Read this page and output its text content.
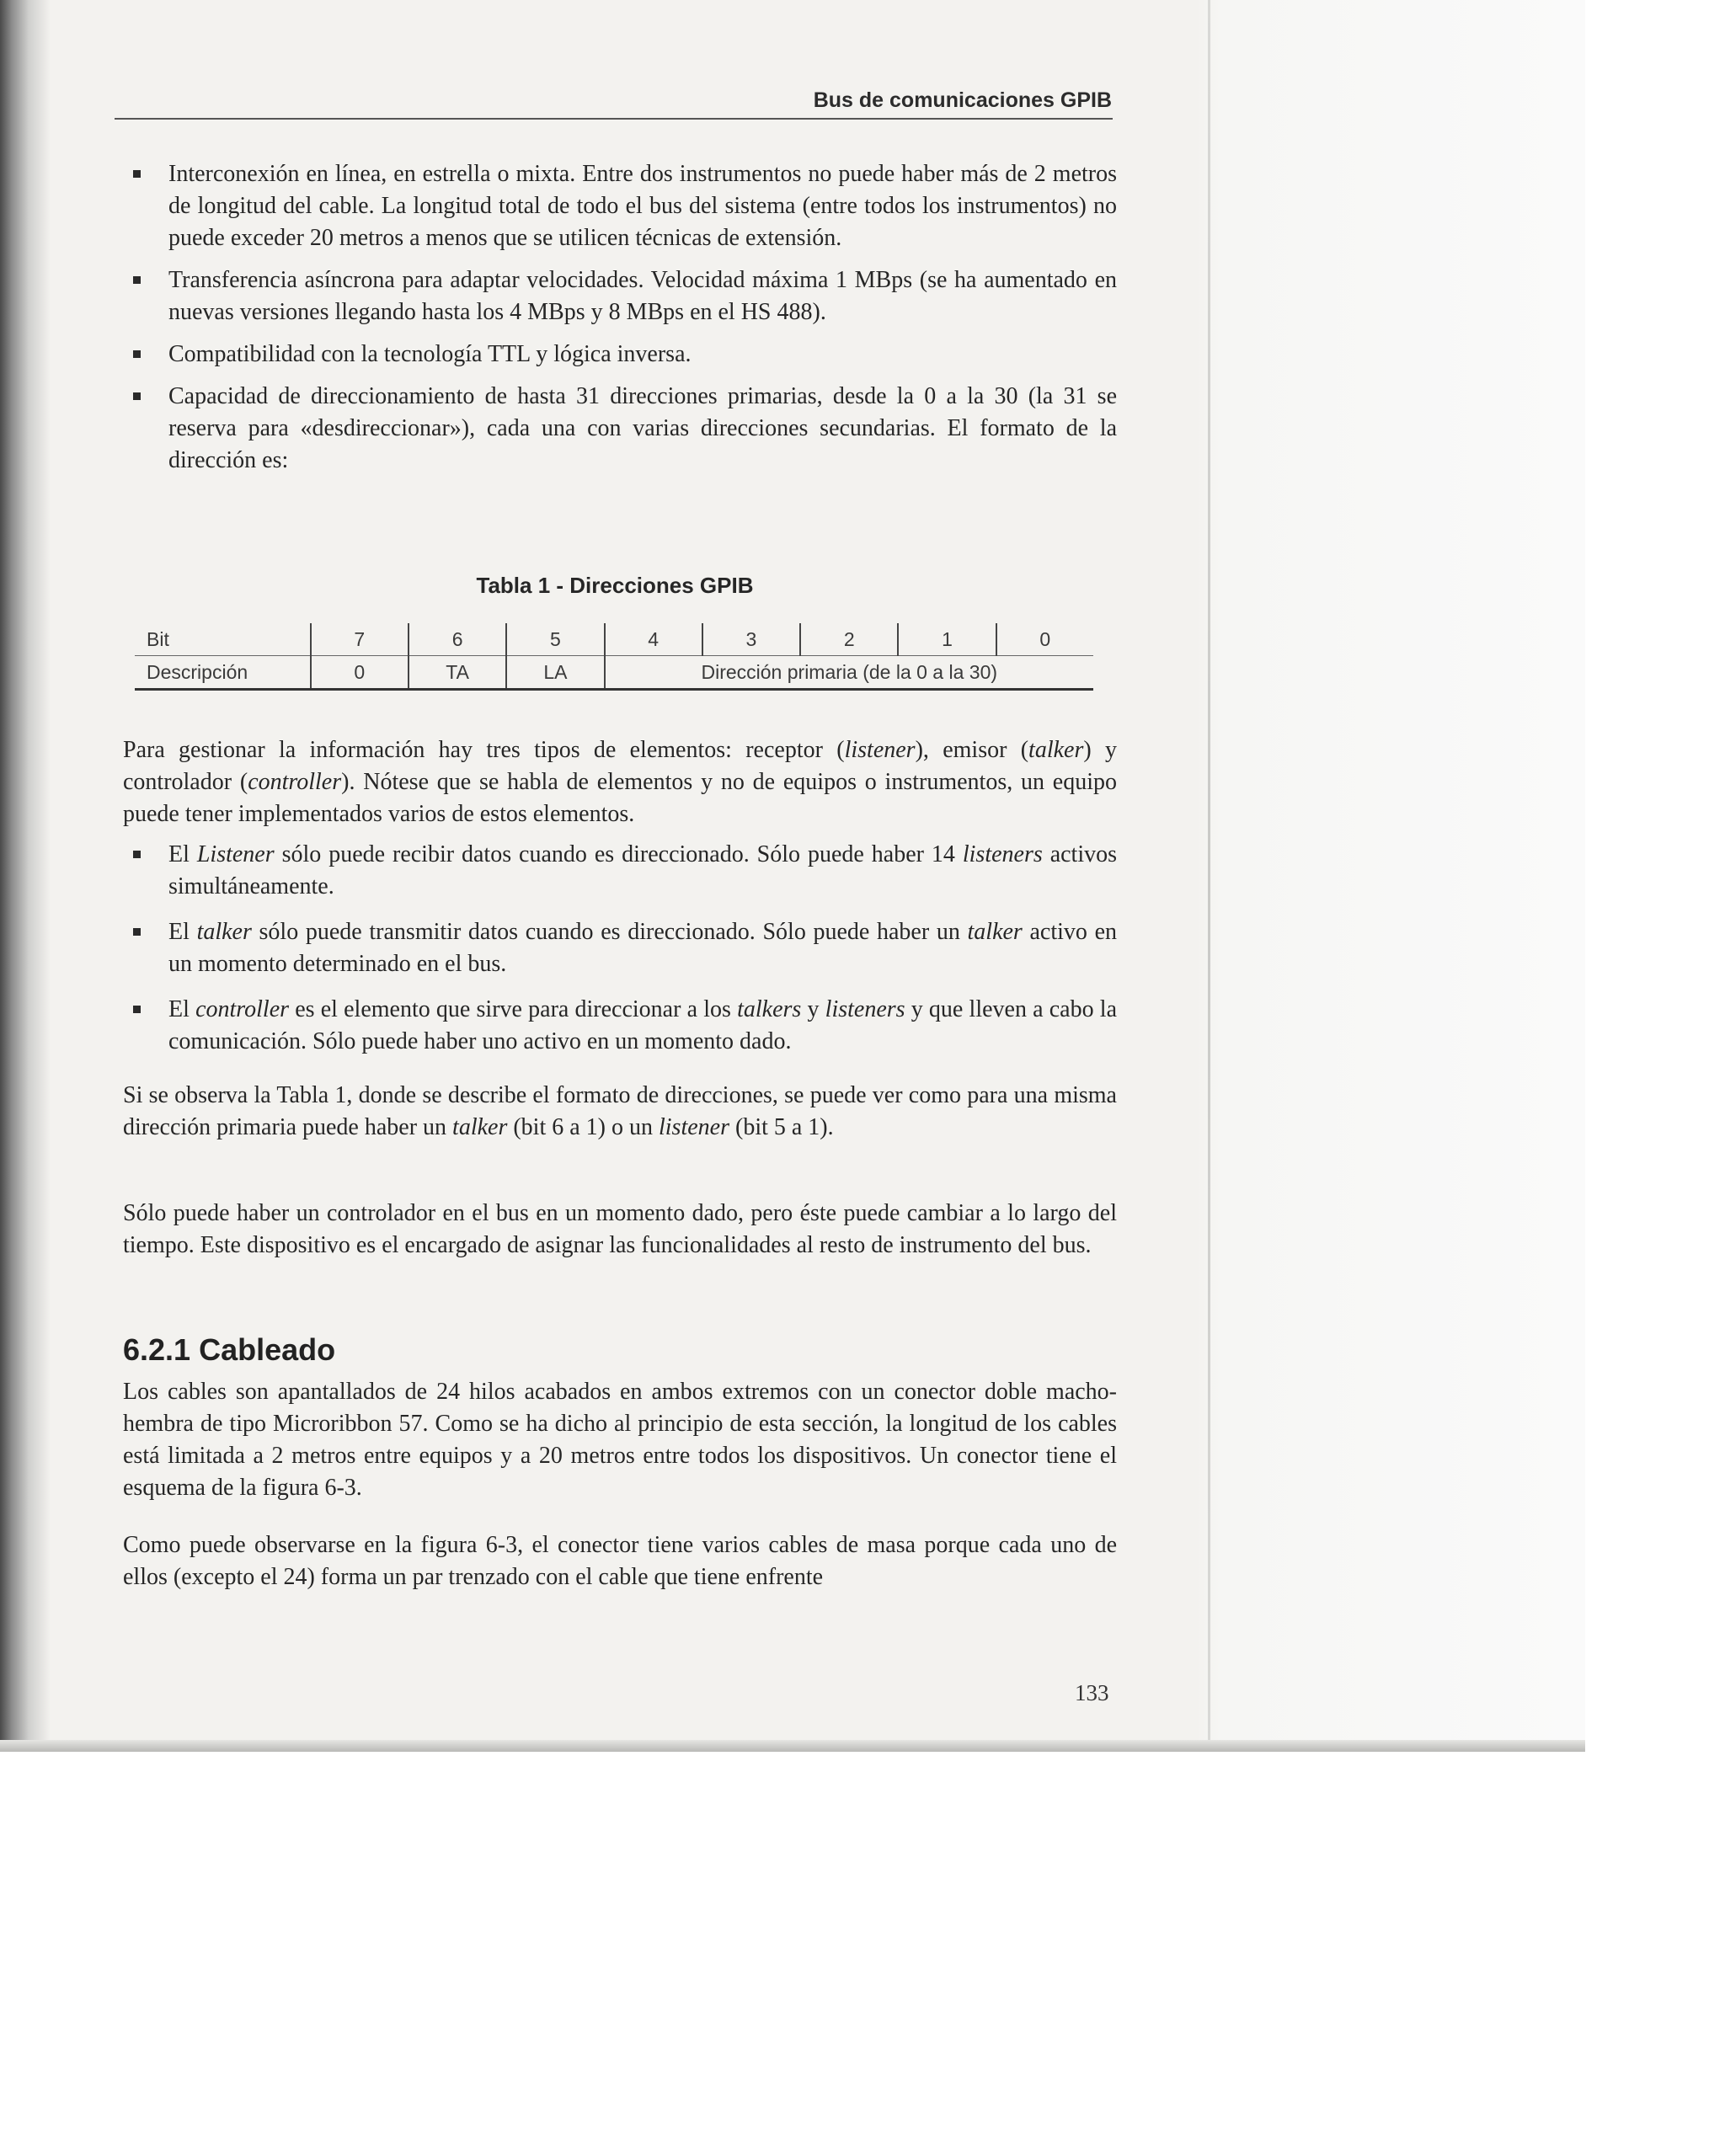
Bus de comunicaciones GPIB
Interconexión en línea, en estrella o mixta. Entre dos instrumentos no puede haber más de 2 metros de longitud del cable. La longitud total de todo el bus del sistema (entre todos los instrumentos) no puede exceder 20 metros a menos que se utilicen técnicas de extensión.
Transferencia asíncrona para adaptar velocidades. Velocidad máxima 1 MBps (se ha aumentado en nuevas versiones llegando hasta los 4 MBps y 8 MBps en el HS 488).
Compatibilidad con la tecnología TTL y lógica inversa.
Capacidad de direccionamiento de hasta 31 direcciones primarias, desde la 0 a la 30 (la 31 se reserva para «desdireccionar»), cada una con varias direcciones secundarias. El formato de la dirección es:
Tabla 1 - Direcciones GPIB
Bit	7	6	5	4	3	2	1	0
Descripción	0	TA	LA	Dirección primaria (de la 0 a la 30)				

Para gestionar la información hay tres tipos de elementos: receptor (listener), emisor (talker) y controlador (controller). Nótese que se habla de elementos y no de equipos o instrumentos, un equipo puede tener implementados varios de estos elementos.

El Listener sólo puede recibir datos cuando es direccionado. Sólo puede haber 14 listeners activos simultáneamente.
El talker sólo puede transmitir datos cuando es direccionado. Sólo puede haber un talker activo en un momento determinado en el bus.
El controller es el elemento que sirve para direccionar a los talkers y listeners y que lleven a cabo la comunicación. Sólo puede haber uno activo en un momento dado.

Si se observa la Tabla 1, donde se describe el formato de direcciones, se puede ver como para una misma dirección primaria puede haber un talker (bit 6 a 1) o un listener (bit 5 a 1).

Sólo puede haber un controlador en el bus en un momento dado, pero éste puede cambiar a lo largo del tiempo. Este dispositivo es el encargado de asignar las funcionalidades al resto de instrumento del bus.

6.2.1 Cableado

Los cables son apantallados de 24 hilos acabados en ambos extremos con un conector doble macho-hembra de tipo Microribbon 57. Como se ha dicho al principio de esta sección, la longitud de los cables está limitada a 2 metros entre equipos y a 20 metros entre todos los dispositivos. Un conector tiene el esquema de la figura 6-3.

Como puede observarse en la figura 6-3, el conector tiene varios cables de masa porque cada uno de ellos (excepto el 24) forma un par trenzado con el cable que tiene enfrente

133
